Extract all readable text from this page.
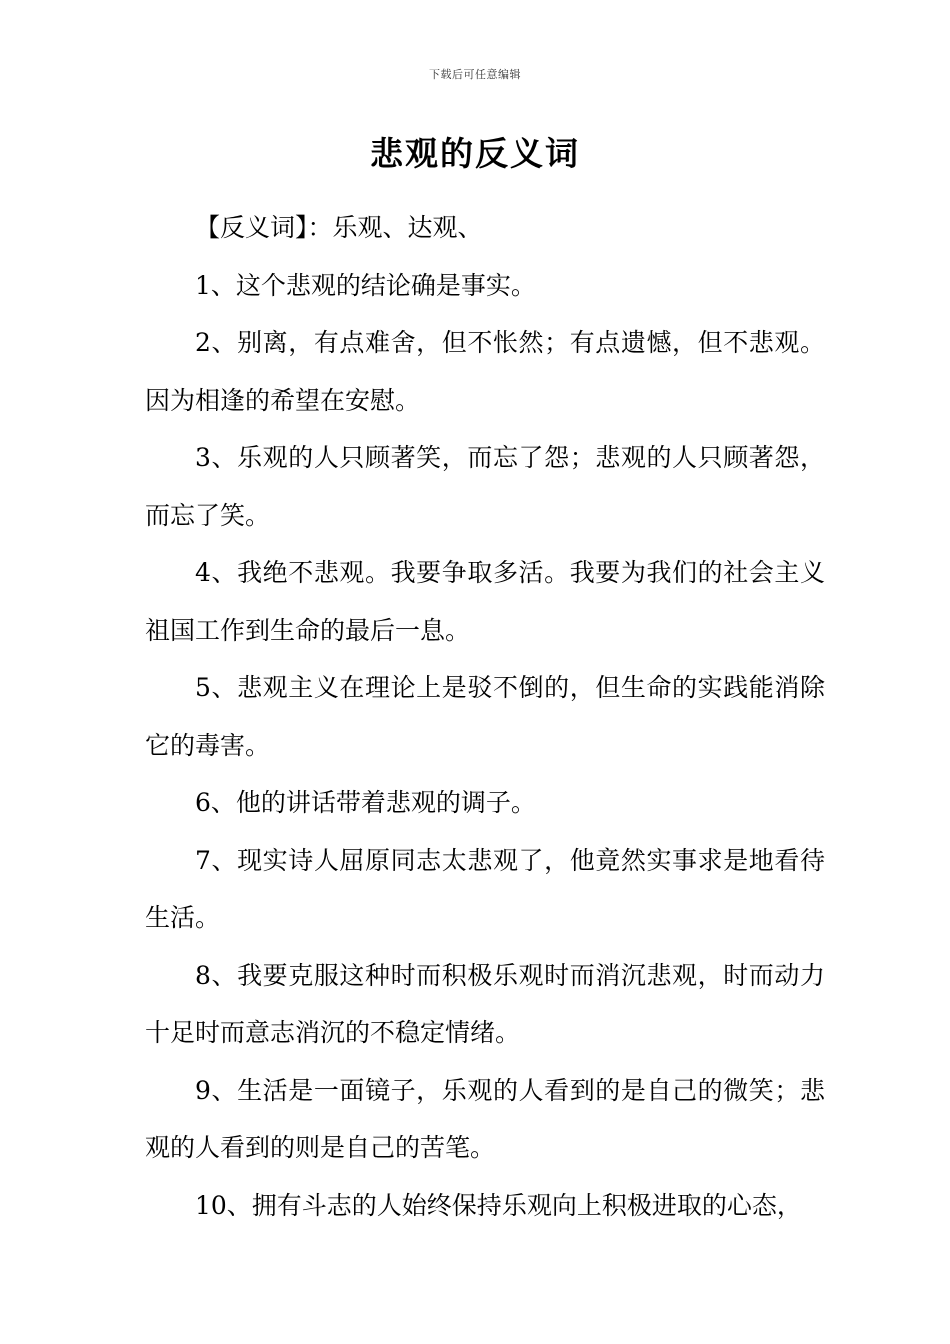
下载后可任意编辑
悲观的反义词

【反义词】：乐观、达观、

1、这个悲观的结论确是事实。

2、别离，有点难舍，但不怅然；有点遗憾，但不悲观。因为相逢的希望在安慰。

3、乐观的人只顾著笑，而忘了怨；悲观的人只顾著怨，而忘了笑。

4、我绝不悲观。我要争取多活。我要为我们的社会主义祖国工作到生命的最后一息。

5、悲观主义在理论上是驳不倒的，但生命的实践能消除它的毒害。

6、他的讲话带着悲观的调子。

7、现实诗人屈原同志太悲观了，他竟然实事求是地看待生活。

8、我要克服这种时而积极乐观时而消沉悲观，时而动力十足时而意志消沉的不稳定情绪。

9、生活是一面镜子，乐观的人看到的是自己的微笑；悲观的人看到的则是自己的苦笔。

10、拥有斗志的人始终保持乐观向上积极进取的心态，
